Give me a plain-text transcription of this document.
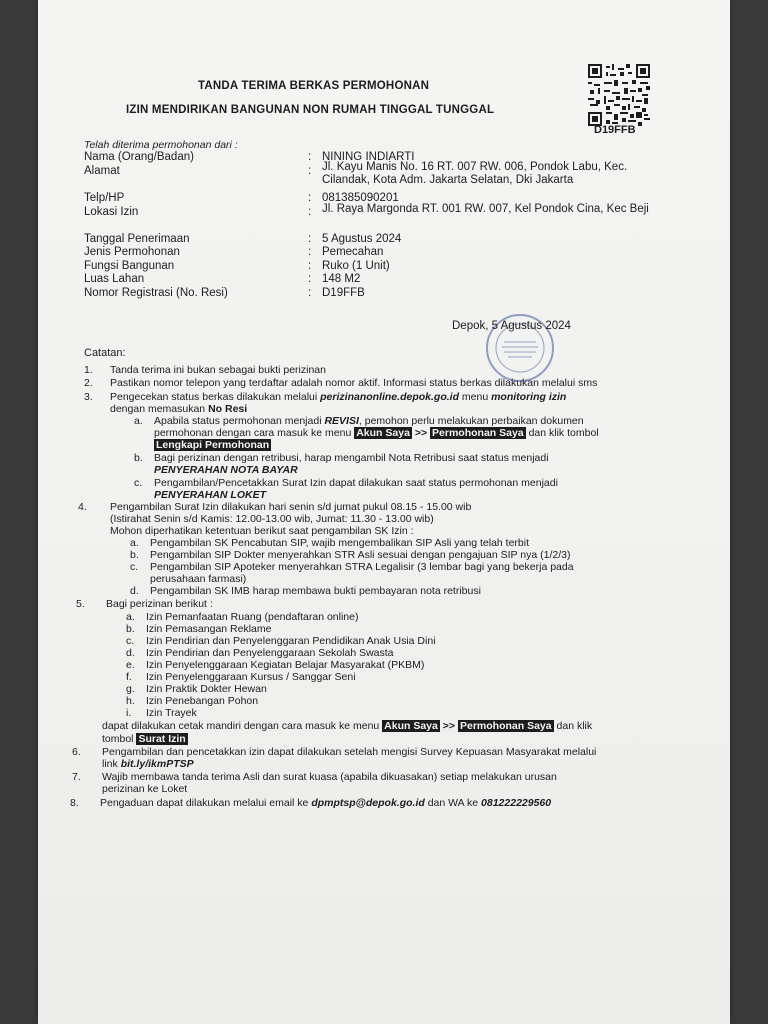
TANDA TERIMA BERKAS PERMOHONAN
IZIN MENDIRIKAN BANGUNAN NON RUMAH TINGGAL TUNGGAL
D19FFB
Telah diterima permohonan dari :
Nama (Orang/Badan)	: NINING INDIARTI
Alamat	: Jl. Kayu Manis No. 16 RT. 007 RW. 006, Pondok Labu, Kec. Cilandak, Kota Adm. Jakarta Selatan, Dki Jakarta
Telp/HP	: 081385090201
Lokasi Izin	: Jl. Raya Margonda RT. 001 RW. 007, Kel Pondok Cina, Kec Beji
Tanggal Penerimaan	: 5 Agustus 2024
Jenis Permohonan	: Pemecahan
Fungsi Bangunan	: Ruko (1 Unit)
Luas Lahan	: 148 M2
Nomor Registrasi (No. Resi)	: D19FFB
Depok, 5 Agustus 2024
Catatan:
1. Tanda terima ini bukan sebagai bukti perizinan
2. Pastikan nomor telepon yang terdaftar adalah nomor aktif. Informasi status berkas dilakukan melalui sms
3. Pengecekan status berkas dilakukan melalui perizinanonline.depok.go.id menu monitoring izin
dengan memasukan No Resi
a. Apabila status permohonan menjadi REVISI, pemohon perlu melakukan perbaikan dokumen
permohonan dengan cara masuk ke menu Akun Saya >> Permohonan Saya dan klik tombol
Lengkapi Permohonan
b. Bagi perizinan dengan retribusi, harap mengambil Nota Retribusi saat status menjadi
PENYERAHAN NOTA BAYAR
c. Pengambilan/Pencetakkan Surat Izin dapat dilakukan saat status permohonan menjadi
PENYERAHAN LOKET
4. Pengambilan Surat Izin dilakukan hari senin s/d jumat pukul 08.15 - 15.00 wib
(Istirahat Senin s/d Kamis: 12.00-13.00 wib, Jumat: 11.30 - 13.00 wib)
Mohon diperhatikan ketentuan berikut saat pengambilan SK Izin :
a. Pengambilan SK Pencabutan SIP, wajib mengembalikan SIP Asli yang telah terbit
b. Pengambilan SIP Dokter menyerahkan STR Asli sesuai dengan pengajuan SIP nya (1/2/3)
c. Pengambilan SIP Apoteker menyerahkan STRA Legalisir (3 lembar bagi yang bekerja pada
perusahaan farmasi)
d. Pengambilan SK IMB harap membawa bukti pembayaran nota retribusi
5. Bagi perizinan berikut :
a. Izin Pemanfaatan Ruang (pendaftaran online)
b. Izin Pemasangan Reklame
c. Izin Pendirian dan Penyelenggaran Pendidikan Anak Usia Dini
d. Izin Pendirian dan Penyelenggaraan Sekolah Swasta
e. Izin Penyelenggaraan Kegiatan Belajar Masyarakat (PKBM)
f. Izin Penyelenggaraan Kursus / Sanggar Seni
g. Izin Praktik Dokter Hewan
h. Izin Penebangan Pohon
i. Izin Trayek
dapat dilakukan cetak mandiri dengan cara masuk ke menu Akun Saya >> Permohonan Saya dan klik
tombol Surat Izin
6. Pengambilan dan pencetakkan izin dapat dilakukan setelah mengisi Survey Kepuasan Masyarakat melalui
link bit.ly/ikmPTSP
7. Wajib membawa tanda terima Asli dan surat kuasa (apabila dikuasakan) setiap melakukan urusan
perizinan ke Loket
8. Pengaduan dapat dilakukan melalui email ke dpmptsp@depok.go.id dan WA ke 081222229560
